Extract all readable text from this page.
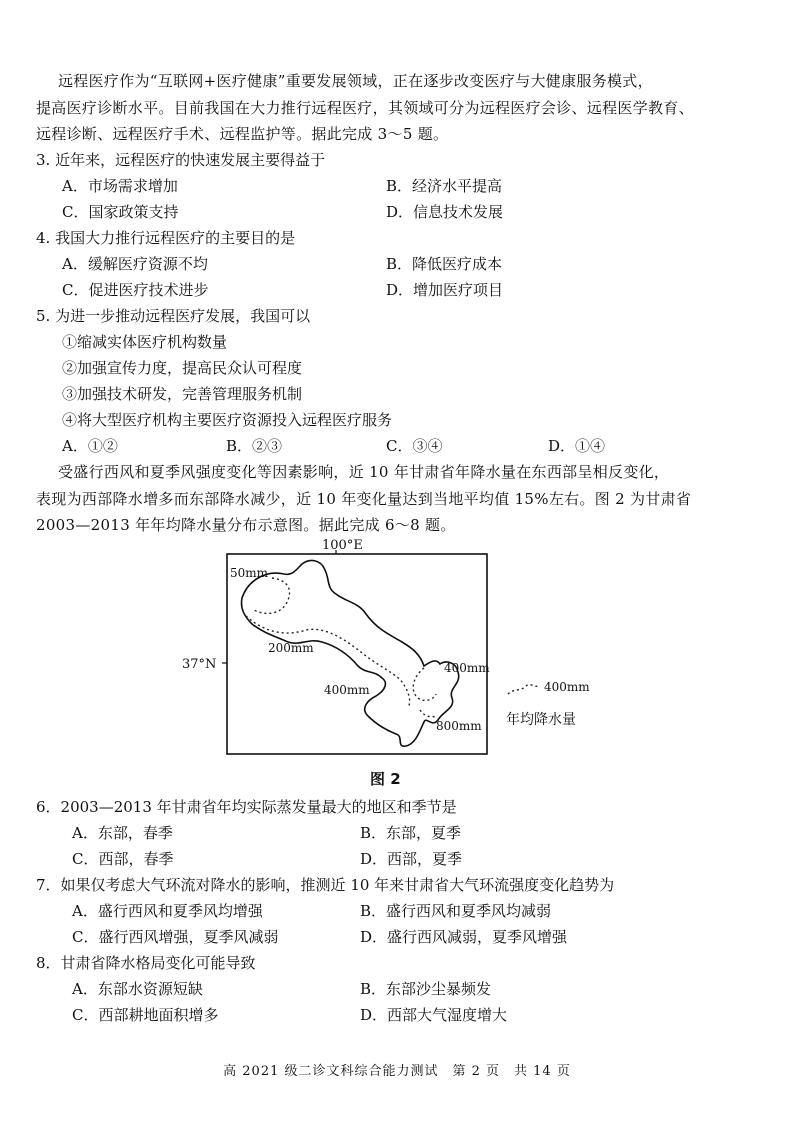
远程医疗作为“互联网+医疗健康”重要发展领域，正在逐步改变医疗与大健康服务模式，
提高医疗诊断水平。目前我国在大力推行远程医疗，其领域可分为远程医疗会诊、远程医学教育、
远程诊断、远程医疗手术、远程监护等。据此完成 3～5 题。
3. 近年来，远程医疗的快速发展主要得益于
A．市场需求增加	B．经济水平提高
C．国家政策支持	D．信息技术发展
4. 我国大力推行远程医疗的主要目的是
A．缓解医疗资源不均	B．降低医疗成本
C．促进医疗技术进步	D．增加医疗项目
5. 为进一步推动远程医疗发展，我国可以
①缩减实体医疗机构数量
②加强宣传力度，提高民众认可程度
③加强技术研发，完善管理服务机制
④将大型医疗机构主要医疗资源投入远程医疗服务
A．①②	B．②③	C．③④	D．①④
受盛行西风和夏季风强度变化等因素影响，近 10 年甘肃省年降水量在东西部呈相反变化，
表现为西部降水增多而东部降水减少，近 10 年变化量达到当地平均值 15%左右。图 2 为甘肃省
2003—2013 年年均降水量分布示意图。据此完成 6～8 题。
100°E
37°N
50mm
200mm
400mm
400mm
800mm
400mm
年均降水量
图 2
6．2003—2013 年甘肃省年均实际蒸发量最大的地区和季节是
A．东部，春季	B．东部，夏季
C．西部，春季	D．西部，夏季
7．如果仅考虑大气环流对降水的影响，推测近 10 年来甘肃省大气环流强度变化趋势为
A．盛行西风和夏季风均增强	B．盛行西风和夏季风均减弱
C．盛行西风增强，夏季风减弱	D．盛行西风减弱，夏季风增强
8．甘肃省降水格局变化可能导致
A．东部水资源短缺	B．东部沙尘暴频发
C．西部耕地面积增多	D．西部大气湿度增大
高 2021 级二诊文科综合能力测试　第 2 页　共 14 页
